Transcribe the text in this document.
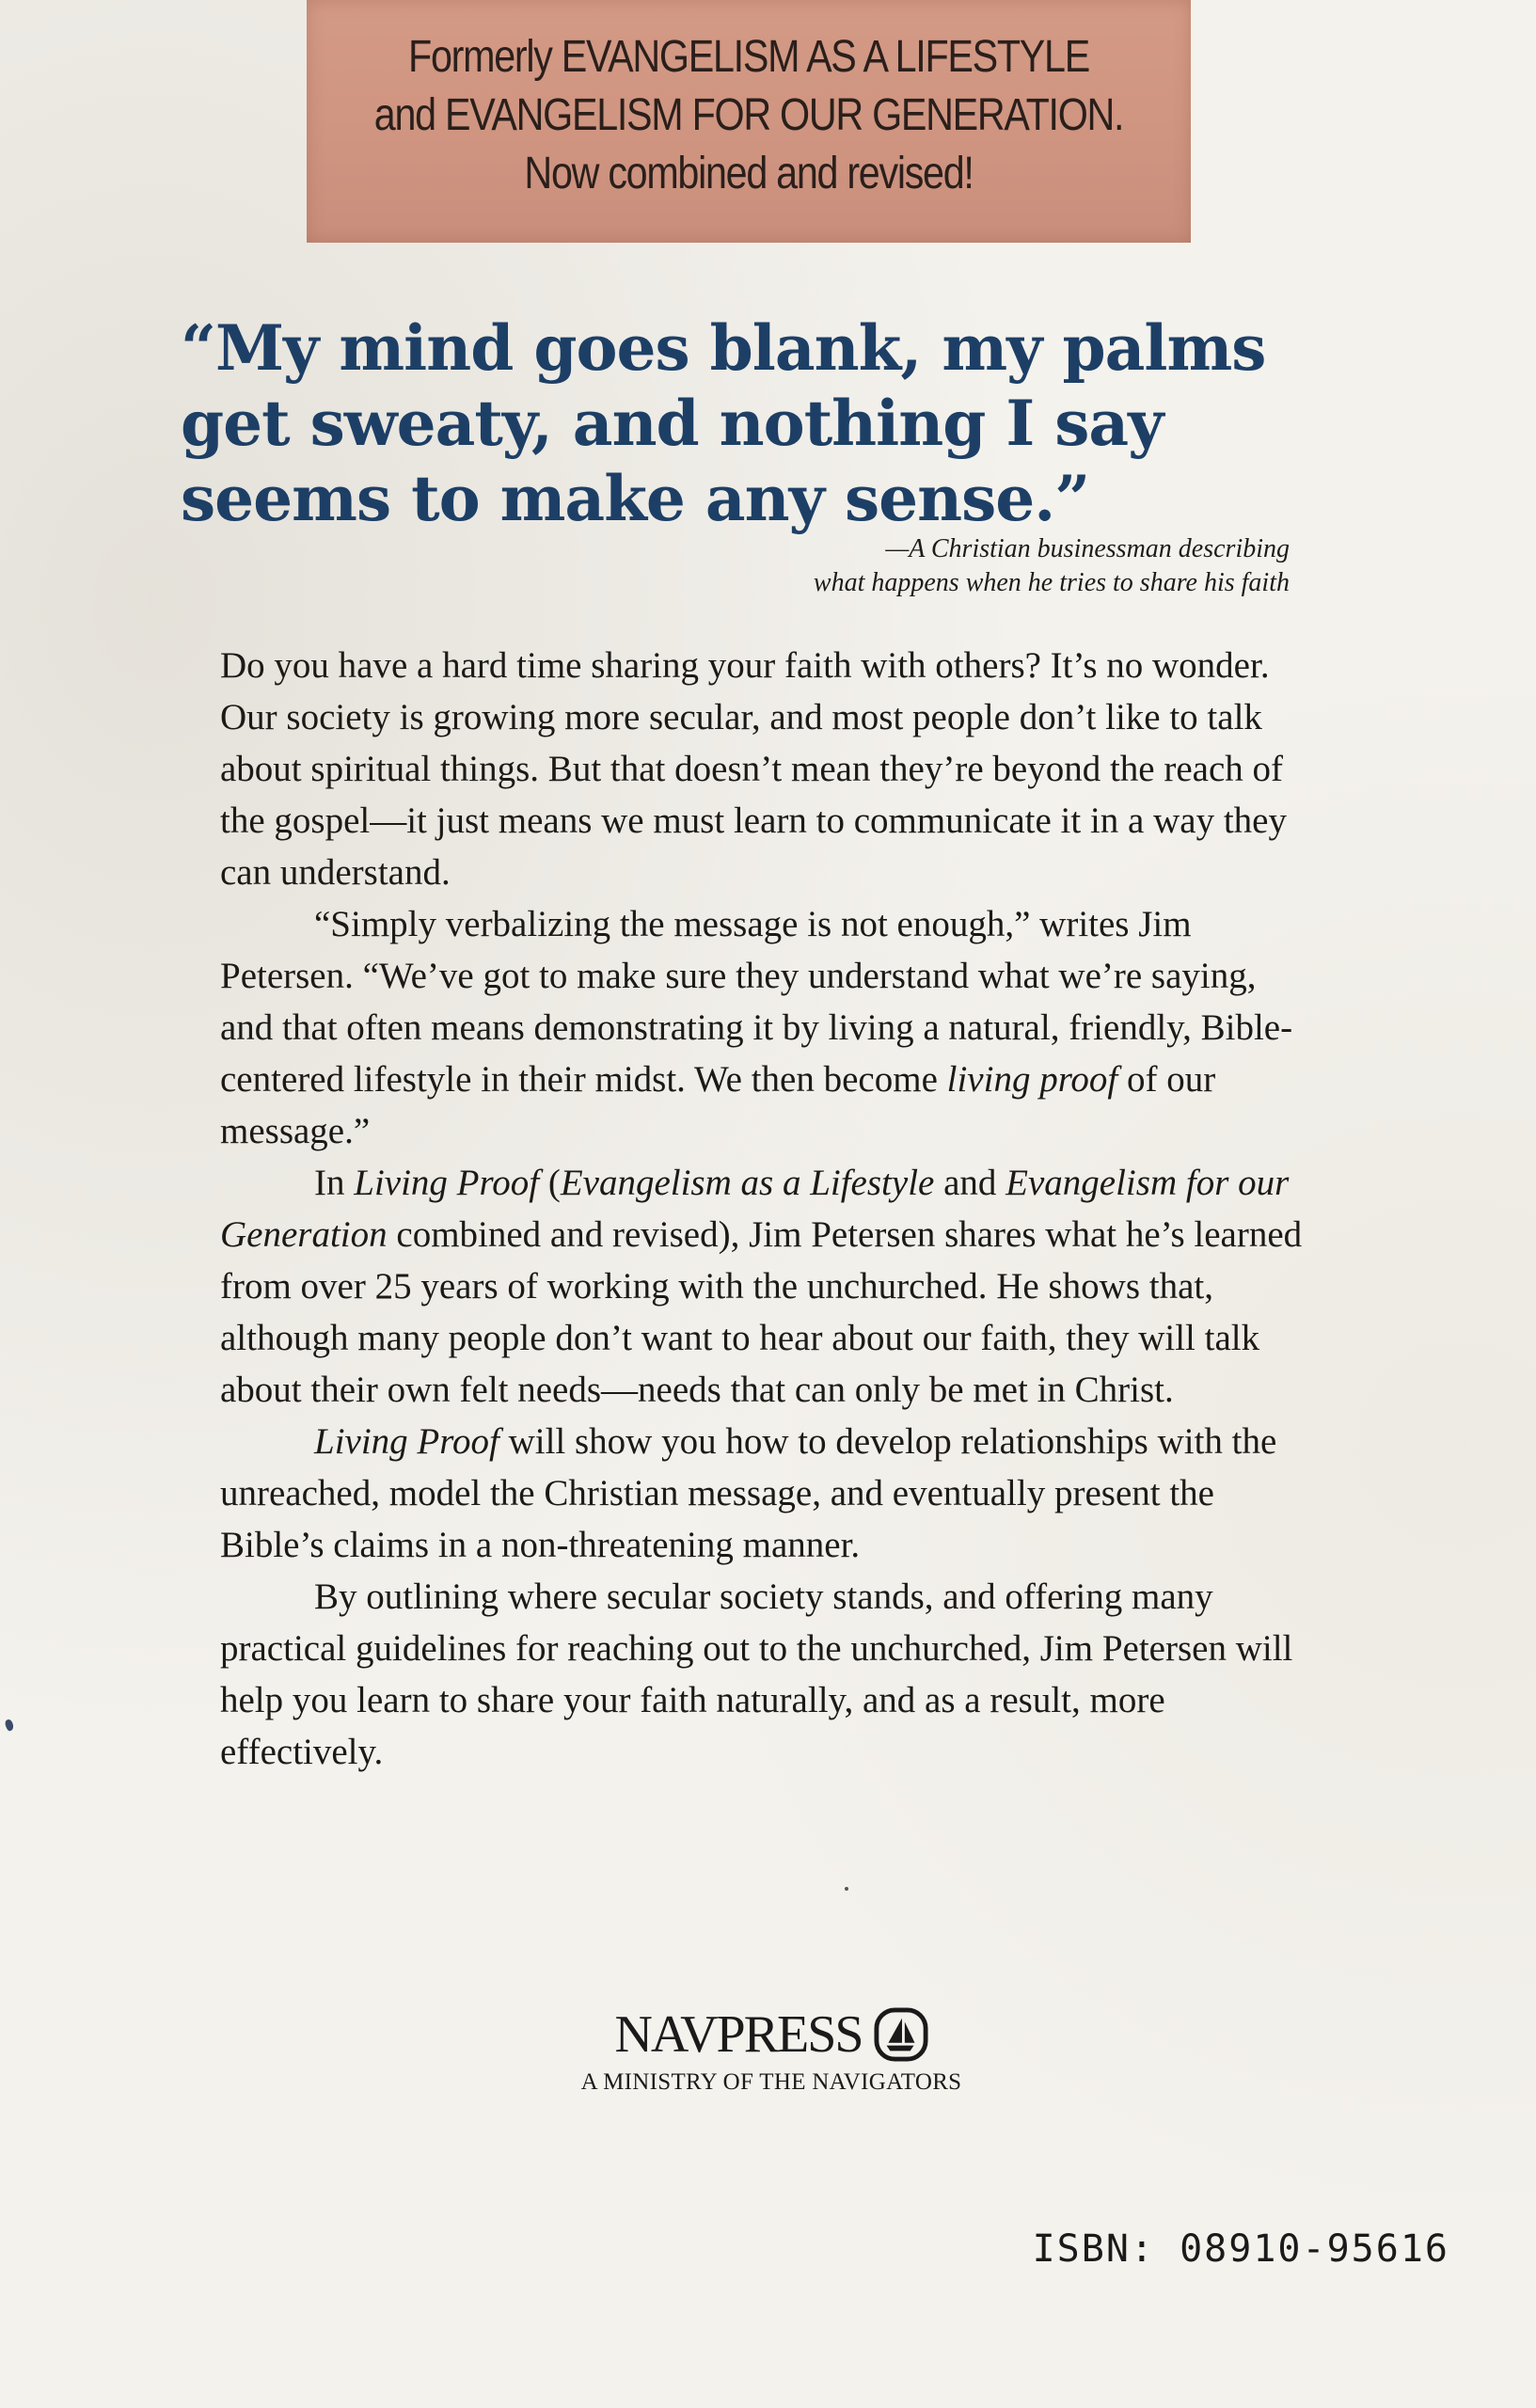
Formerly EVANGELISM AS A LIFESTYLE
and EVANGELISM FOR OUR GENERATION.
Now combined and revised!
“My mind goes blank, my palms
get sweaty, and nothing I say
seems to make any sense.”
—A Christian businessman describing
what happens when he tries to share his faith

Do you have a hard time sharing your faith with others? It’s no wonder. Our society is growing more secular, and most people don’t like to talk about spiritual things. But that doesn’t mean they’re beyond the reach of the gospel—it just means we must learn to communicate it in a way they can understand.

“Simply verbalizing the message is not enough,” writes Jim Petersen. “We’ve got to make sure they understand what we’re saying, and that often means demonstrating it by living a natural, friendly, Bible-centered lifestyle in their midst. We then become living proof of our message.”

In Living Proof (Evangelism as a Lifestyle and Evangelism for our Generation combined and revised), Jim Petersen shares what he’s learned from over 25 years of working with the unchurched. He shows that, although many people don’t want to hear about our faith, they will talk about their own felt needs—needs that can only be met in Christ.

Living Proof will show you how to develop relationships with the unreached, model the Christian message, and eventually present the Bible’s claims in a non-threatening manner.

By outlining where secular society stands, and offering many practical guidelines for reaching out to the unchurched, Jim Petersen will help you learn to share your faith naturally, and as a result, more effectively.

NAVPRESS
A MINISTRY OF THE NAVIGATORS
ISBN: 08910-95616
